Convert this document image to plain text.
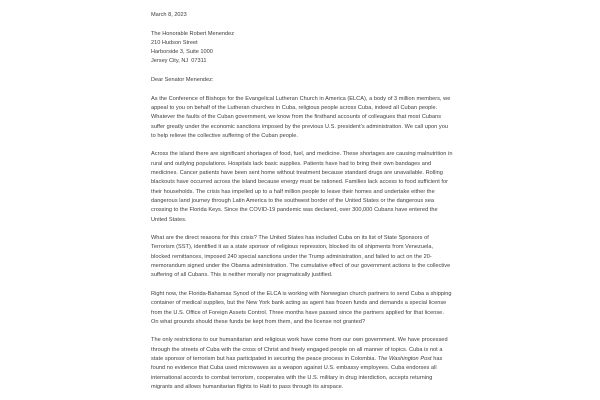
March 8, 2023
The Honorable Robert Menendez
210 Hudson Street
Harborside 3, Suite 1000
Jersey City, NJ  07311
Dear Senator Menendez:

As the Conference of Bishops for the Evangelical Lutheran Church in America (ELCA), a body of 3 million members, we appeal to you on behalf of the Lutheran churches in Cuba, religious people across Cuba, indeed all Cuban people. Whatever the faults of the Cuban government, we know from the firsthand accounts of colleagues that most Cubans suffer greatly under the economic sanctions imposed by the previous U.S. president's administration. We call upon you to help relieve the collective suffering of the Cuban people.

Across the island there are significant shortages of food, fuel, and medicine. These shortages are causing malnutrition in rural and outlying populations. Hospitals lack basic supplies. Patients have had to bring their own bandages and medicines. Cancer patients have been sent home without treatment because standard drugs are unavailable. Rolling blackouts have occurred across the island because energy must be rationed. Families lack access to food sufficient for their households. The crisis has impelled up to a half million people to leave their homes and undertake either the dangerous land journey through Latin America to the southwest border of the United States or the dangerous sea crossing to the Florida Keys. Since the COVID-19 pandemic was declared, over 300,000 Cubans have entered the United States.

What are the direct reasons for this crisis? The United States has included Cuba on its list of State Sponsors of Terrorism (SST), identified it as a state sponsor of religious repression, blocked its oil shipments from Venezuela, blocked remittances, imposed 240 special sanctions under the Trump administration, and failed to act on the 20-memorandum signed under the Obama administration. The cumulative effect of our government actions is the collective suffering of all Cubans. This is neither morally nor pragmatically justified.

Right now, the Florida-Bahamas Synod of the ELCA is working with Norwegian church partners to send Cuba a shipping container of medical supplies, but the New York bank acting as agent has frozen funds and demands a special license from the U.S. Office of Foreign Assets Control. Three months have passed since the partners applied for that license. On what grounds should these funds be kept from them, and the license not granted?

The only restrictions to our humanitarian and religious work have come from our own government. We have processed through the streets of Cuba with the cross of Christ and freely engaged people on all manner of topics. Cuba is not a state sponsor of terrorism but has participated in securing the peace process in Colombia. The Washington Post has found no evidence that Cuba used microwaves as a weapon against U.S. embassy employees. Cuba endorses all international accords to combat terrorism, cooperates with the U.S. military in drug interdiction, accepts returning migrants and allows humanitarian flights to Haiti to pass through its airspace.
